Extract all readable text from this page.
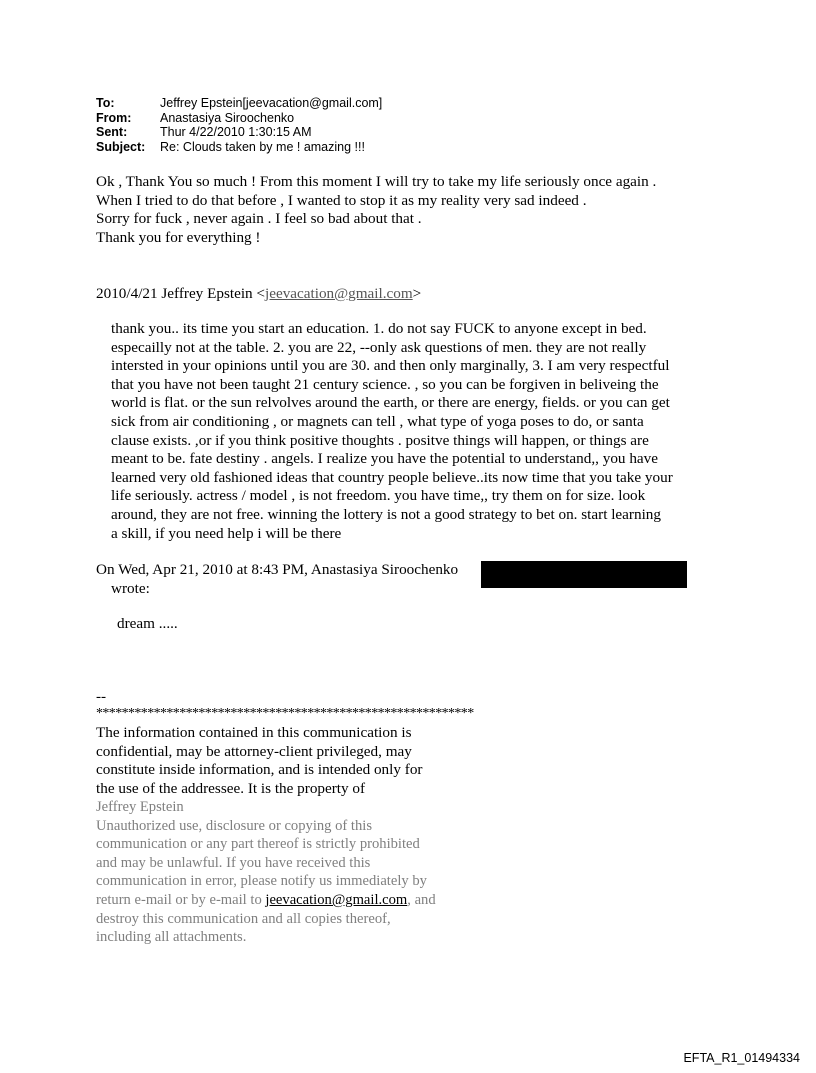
To:	Jeffrey Epstein[jeevacation@gmail.com]
From:	Anastasiya Siroochenko
Sent:	Thur 4/22/2010 1:30:15 AM
Subject:	Re: Clouds taken by me ! amazing !!!
Ok , Thank You so much ! From this moment I will try to take my life seriously once again .
When I tried to do that before , I wanted to stop it as my reality very sad indeed .
Sorry for fuck , never again . I feel so bad about that .
Thank you for everything !
2010/4/21 Jeffrey Epstein <jeevacation@gmail.com>
thank you.. its time you start an education. 1. do not say FUCK to anyone except in bed.
especailly not at the table. 2. you are 22, --only ask questions of men. they are not really
intersted in your opinions until you are 30. and then only marginally, 3. I am very respectful
that you have not been taught 21 century science. , so you can be forgiven in beliveing the
world is flat. or the sun relvolves around the earth, or there are energy, fields. or you can get
sick from air conditioning , or magnets can tell , what type of yoga poses to do, or santa
clause exists. ,or if you think positive thoughts . positve things will happen, or things are
meant to be. fate destiny . angels. I realize you have the potential to understand,, you have
learned very old fashioned ideas that country people believe..its now time that you take your
life seriously. actress / model , is not freedom. you have time,, try them on for size. look
around, they are not free. winning the lottery is not a good strategy to bet on. start learning
a skill, if you need help i will be there
On Wed, Apr 21, 2010 at 8:43 PM, Anastasiya Siroochenko
wrote:
dream .....
--
***********************************************************
The information contained in this communication is
confidential, may be attorney-client privileged, may
constitute inside information, and is intended only for
the use of the addressee. It is the property of
Jeffrey Epstein
Unauthorized use, disclosure or copying of this
communication or any part thereof is strictly prohibited
and may be unlawful. If you have received this
communication in error, please notify us immediately by
return e-mail or by e-mail to jeevacation@gmail.com, and
destroy this communication and all copies thereof,
including all attachments.
EFTA_R1_01494334
